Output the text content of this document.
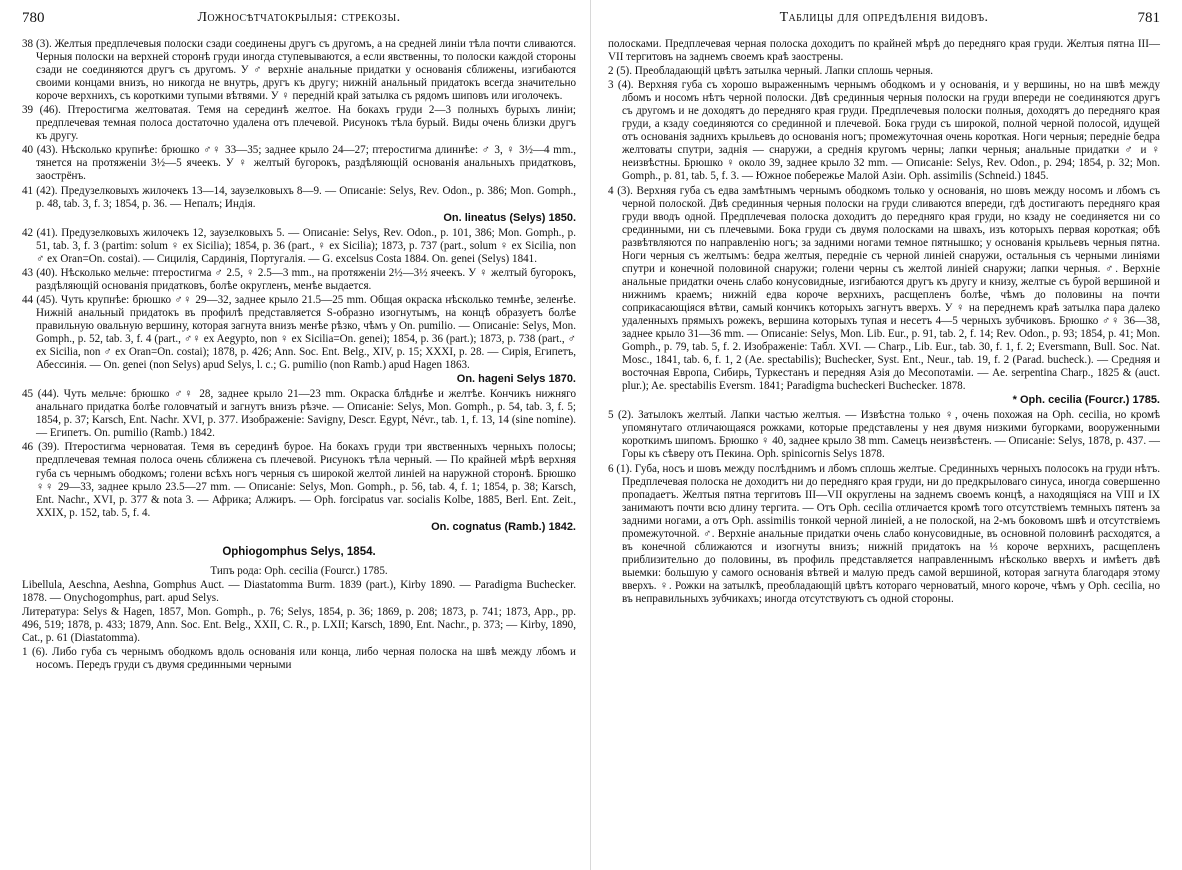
780	Ложносѣтчатокрылыя: стрекозы.
38 (3). Желтыя предплечевыя полоски сзади соединены другъ съ другомъ, а на средней линіи тѣла почти сливаются. Черныя полоски на верхней сторонѣ груди иногда ступевываются, а если явственны, то полоски каждой стороны сзади не соединяются другъ съ другомъ. У ♂ верхніе анальные придатки у основанія сближены, изгибаются своими концами внизъ, но никогда не внутрь, другъ къ другу; нижній анальный придатокъ всегда значительно короче верхнихъ, съ короткими тупыми вѣтвями. У ♀ передній край затылка съ рядомъ шиповъ или иголочекъ.
39 (46). Птеростигма желтоватая. Темя на серединѣ желтое. На бокахъ груди 2—3 полныхъ бурыхъ линіи; предплечевая темная полоса достаточно удалена отъ плечевой. Рисунокъ тѣла бурый. Виды очень близки другъ къ другу.
40 (43). Нѣсколько крупнѣе: брюшко ♂♀ 33—35; заднее крыло 24—27; птеростигма длиннѣе: ♂ 3, ♀ 3½—4 mm., тянется на протяженіи 3½—5 ячеекъ. У ♀ желтый бугорокъ, раздѣляющій основанія анальныхъ придатковъ, заострёнъ.
41 (42). Предузелковыхъ жилочекъ 13—14, заузелковыхъ 8—9. — Описаніе: Selys, Rev. Odon., p. 386; Mon. Gomph., p. 48, tab. 3, f. 3; 1854, p. 36. — Непалъ; Индія.
On. lineatus (Selys) 1850.
42 (41). Предузелковыхъ жилочекъ 12, заузелковыхъ 5. — Описаніе: Selys, Rev. Odon., p. 101, 386; Mon. Gomph., p. 51, tab. 3, f. 3 (partim: solum ♀ ex Sicilia); 1854, p. 36 (part., ♀ ex Sicilia); 1873, p. 737 (part., solum ♀ ex Sicilia, non ♂ ex Oran=On. costai). — Сицилія, Сардинія, Португалія. — G. excelsus Costa 1884. On. genei (Selys) 1841.
43 (40). Нѣсколько мельче: птеростигма ♂ 2.5, ♀ 2.5—3 mm., на протяженіи 2½—3½ ячеекъ. У ♀ желтый бугорокъ, раздѣляющій основанія придатковъ, болѣе округленъ, менѣе выдается.
44 (45). Чуть крупнѣе: брюшко ♂♀ 29—32, заднее крыло 21.5—25 mm. Общая окраска нѣсколько темнѣе, зеленѣе. Нижній анальный придатокъ въ профилѣ представляется S-образно изогнутымъ, на концѣ образуетъ болѣе правильную овальную вершину, которая загнута внизъ менѣе рѣзко, чѣмъ у On. pumilio. — Описаніе: Selys, Mon. Gomph., p. 52, tab. 3, f. 4 (part., ♂♀ ex Aegypto, non ♀ ex Sicilia=On. genei); 1854, p. 36 (part.); 1873, p. 738 (part., ♂ ex Sicilia, non ♂ ex Oran=On. costai); 1878, p. 426; Ann. Soc. Ent. Belg., XIV, p. 15; XXXI, p. 28. — Сирія, Египетъ, Абессинія. — On. genei (non Selys) apud Selys, l. c.; G. pumilio (non Ramb.) apud Hagen 1863.
On. hageni Selys 1870.
45 (44). Чуть мельче: брюшко ♂♀ 28, заднее крыло 21—23 mm. Окраска блѣднѣе и желтѣе. Кончикъ нижняго анальнаго придатка болѣе головчатый и загнутъ внизъ рѣзче. — Описаніе: Selys, Mon. Gomph., p. 54, tab. 3, f. 5; 1854, p. 37; Karsch, Ent. Nachr. XVI, p. 377. Изображеніе: Savigny, Descr. Egypt, Névr., tab. 1, f. 13, 14 (sine nomine). — Египетъ. On. pumilio (Ramb.) 1842.
46 (39). Птеростигма черноватая. Темя въ серединѣ бурое. На бокахъ груди три явственныхъ черныхъ полосы; предплечевая темная полоса очень сближена съ плечевой. Рисунокъ тѣла черный. — По крайней мѣрѣ верхняя губа съ чернымъ ободкомъ; голени всѣхъ ногъ черныя съ широкой желтой линіей на наружной сторонѣ. Брюшко ♀♀ 29—33, заднее крыло 23.5—27 mm. — Описаніе: Selys, Mon. Gomph., p. 56, tab. 4, f. 1; 1854, p. 38; Karsch, Ent. Nachr., XVI, p. 377 & nota 3. — Африка; Алжиръ. — Oph. forcipatus var. socialis Kolbe, 1885, Berl. Ent. Zeit., XXIX, p. 152, tab. 5, f. 4.
On. cognatus (Ramb.) 1842.
Ophiogomphus Selys, 1854.
Типъ рода: Oph. cecilia (Fourcr.) 1785.
Libellula, Aeschna, Aeshna, Gomphus Auct. — Diastatomma Burm. 1839 (part.), Kirby 1890. — Paradigma Buchecker. 1878. — Onychogomphus, part. apud Selys.
Литература: Selys & Hagen, 1857, Mon. Gomph., p. 76; Selys, 1854, p. 36; 1869, p. 208; 1873, p. 741; 1873, App., pp. 496, 519; 1878, p. 433; 1879, Ann. Soc. Ent. Belg., XXII, C. R., p. LXII; Karsch, 1890, Ent. Nachr., p. 373; — Kirby, 1890, Cat., p. 61 (Diastatomma).
1 (6). Либо губа съ чернымъ ободкомъ вдоль основанія или конца, либо черная полоска на швѣ между лбомъ и носомъ. Передъ груди съ двумя срединными черными
Таблицы для опредѣленія видовъ.	781
полосками. Предплечевая черная полоска доходитъ по крайней мѣрѣ до передняго края груди. Желтыя пятна III—VII тергитовъ на заднемъ своемъ краѣ заострены.
2 (5). Преобладающій цвѣтъ затылка черный. Лапки сплошь черныя.
3 (4). Верхняя губа съ хорошо выраженнымъ чернымъ ободкомъ и у основанія, и у вершины, но на швѣ между лбомъ и носомъ нѣтъ черной полоски. Двѣ срединныя черныя полоски на груди впереди не соединяются другъ съ другомъ и не доходятъ до передняго края груди. Предплечевыя полоски полныя, доходятъ до передняго края груди, а кзаду соединяются со срединной и плечевой. Бока груди съ широкой, полной черной полосой, идущей отъ основанія заднихъ крыльевъ до основанія ногъ; промежуточная очень короткая. Ноги черныя; передніе бедра желтоваты спутри, заднія — снаружи, а среднія кругомъ черны; лапки черныя; анальные придатки ♂ и ♀ неизвѣстны. Брюшко ♀ около 39, заднее крыло 32 mm. — Описаніе: Selys, Rev. Odon., p. 294; 1854, p. 32; Mon. Gomph., p. 81, tab. 5, f. 3. — Южное побережье Малой Азіи. Oph. assimilis (Schneid.) 1845.
4 (3). Верхняя губа съ едва замѣтнымъ чернымъ ободкомъ только у основанія, но шовъ между носомъ и лбомъ съ черной полоской. Двѣ срединныя черныя полоски на груди сливаются впереди, гдѣ достигаютъ передняго края груди вводъ одной. Предплечевая полоска доходитъ до передняго края груди, но кзаду не соединяется ни со срединными, ни съ плечевыми. Бока груди съ двумя полосками на швахъ, изъ которыхъ первая короткая; обѣ развѣтвляются по направленію ногъ; за задними ногами темное пятнышко; у основанія крыльевъ черныя пятна. Ноги черныя съ желтымъ: бедра желтыя, передніе съ черной линіей снаружи, остальныя съ черными линіями спутри и конечной половиной снаружи; голени черны съ желтой линіей снаружи; лапки черныя. ♂. Верхніе анальные придатки очень слабо конусовидные, изгибаются другъ къ другу и книзу, желтые съ бурой вершиной и нижнимъ краемъ; нижній едва короче верхнихъ, расщепленъ болѣе, чѣмъ до половины на почти соприкасающіяся вѣтви, самый кончикъ которыхъ загнутъ вверхъ. У ♀ на переднемъ краѣ затылка пара далеко удаленныхъ прямыхъ рожекъ, вершина которыхъ тупая и несетъ 4—5 черныхъ зубчиковъ. Брюшко ♂♀ 36—38, заднее крыло 31—36 mm. — Описаніе: Selys, Mon. Lib. Eur., p. 91, tab. 2, f. 14; Rev. Odon., p. 93; 1854, p. 41; Mon. Gomph., p. 79, tab. 5, f. 2. Изображеніе: Табл. XVI. — Charp., Lib. Eur., tab. 30, f. 1, f. 2; Eversmann, Bull. Soc. Nat. Mosc., 1841, tab. 6, f. 1, 2 (Ae. spectabilis); Buchecker, Syst. Ent., Neur., tab. 19, f. 2 (Parad. bucheck.). — Средняя и восточная Европа, Сибирь, Туркестанъ и передняя Азія до Месопотаміи. — Ae. serpentina Charp., 1825 & (auct. plur.); Ae. spectabilis Eversm. 1841; Paradigma bucheckeri Buchecker. 1878.
* Oph. cecilia (Fourcr.) 1785.
5 (2). Затылокъ желтый. Лапки частью желтыя. — Извѣстна только ♀, очень похожая на Oph. cecilia, но кромѣ упомянутаго отличающаяся рожками, которые представлены у нея двумя низкими бугорками, вооруженными короткимъ шипомъ. Брюшко ♀ 40, заднее крыло 38 mm. Самецъ неизвѣстенъ. — Описаніе: Selys, 1878, p. 437. — Горы къ сѣверу отъ Пекина. Oph. spinicornis Selys 1878.
6 (1). Губа, носъ и шовъ между послѣднимъ и лбомъ сплошь желтые. Срединныхъ черныхъ полосокъ на груди нѣтъ. Предплечевая полоска не доходитъ ни до передняго края груди, ни до предкрыловаго синуса, иногда совершенно пропадаетъ. Желтыя пятна тергитовъ III—VII округлены на заднемъ своемъ концѣ, а находящіяся на VIII и IX занимаютъ почти всю длину тергита. — Отъ Oph. cecilia отличается кромѣ того отсутствіемъ темныхъ пятенъ за задними ногами, а отъ Oph. assimilis тонкой черной линіей, а не полоской, на 2-мъ боковомъ швѣ и отсутствіемъ промежуточной. ♂. Верхніе анальные придатки очень слабо конусовидные, въ основной половинѣ расходятся, а въ конечной сближаются и изогнуты внизъ; нижній придатокъ на ⅓ короче верхнихъ, расщепленъ приблизительно до половины, въ профиль представляется направленнымъ нѣсколько вверхъ и имѣетъ двѣ выемки: большую у самого основанія вѣтвей и малую предъ самой вершиной, которая загнута благодаря этому вверхъ. ♀. Рожки на затылкѣ, преобладающій цвѣтъ котораго черноватый, много короче, чѣмъ у Oph. cecilia, но въ неправильныхъ зубчикахъ; иногда отсутствуютъ съ одной стороны.
